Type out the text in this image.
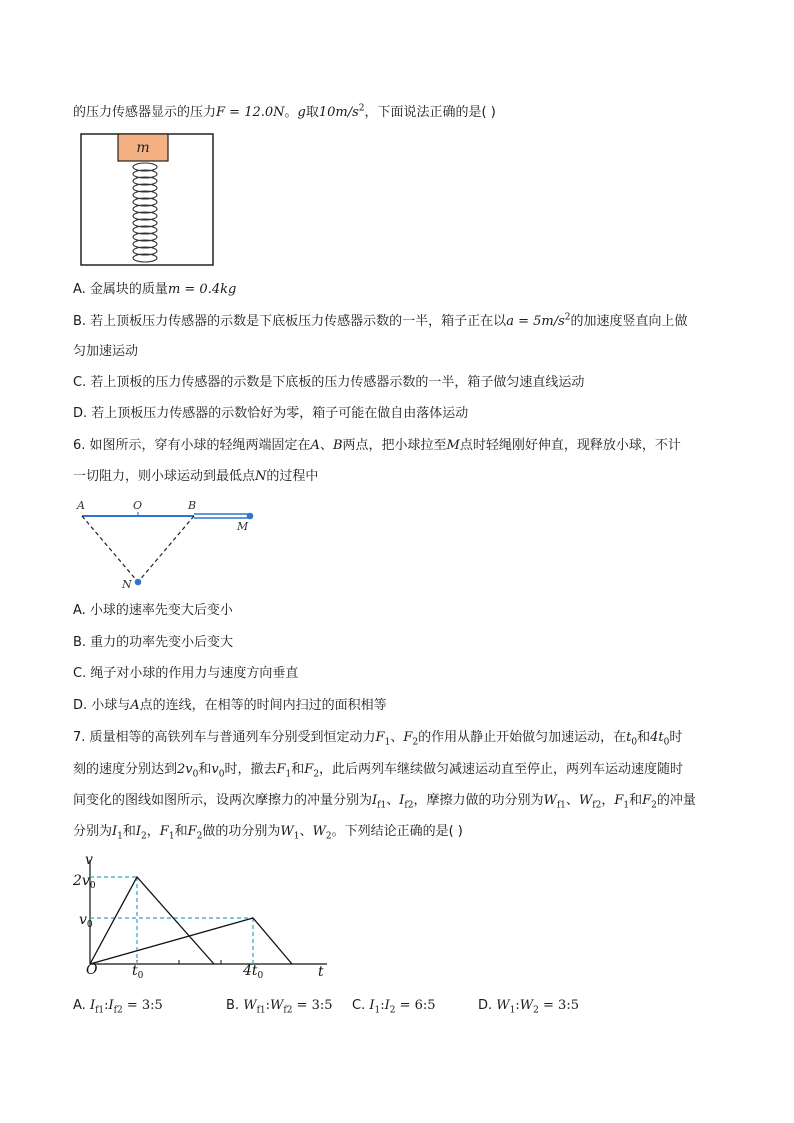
的压力传感器显示的压力F = 12.0N。g取$10m/s^2$，下面说法正确的是( )
m
A. 金属块的质量m = 0.4kg
B. 若上顶板压力传感器的示数是下底板压力传感器示数的一半，箱子正在以$a = 5m/s^2$的加速度竖直向上做
匀加速运动
C. 若上顶板的压力传感器的示数是下底板的压力传感器示数的一半，箱子做匀速直线运动
D. 若上顶板压力传感器的示数恰好为零，箱子可能在做自由落体运动
6. 如图所示，穿有小球的轻绳两端固定在A、B两点，把小球拉至M点时轻绳刚好伸直，现释放小球，不计
一切阻力，则小球运动到最低点N的过程中
A	O	B
M
N
A. 小球的速率先变大后变小
B. 重力的功率先变小后变大
C. 绳子对小球的作用力与速度方向垂直
D. 小球与A点的连线，在相等的时间内扫过的面积相等
7. 质量相等的高铁列车与普通列车分别受到恒定动力$F_1$、$F_2$的作用从静止开始做匀加速运动，在$t_0$和$4t_0$时
刻的速度分别达到$2v_0$和$v_0$时，撤去$F_1$和$F_2$，此后两列车继续做匀减速运动直至停止，两列车运动速度随时
间变化的图线如图所示，设两次摩擦力的冲量分别为$I_{f1}$、$I_{f2}$，摩擦力做的功分别为$W_{f1}$、$W_{f2}$，$F_1$和$F_2$的冲量
分别为$I_1$和$I_2$，$F_1$和$F_2$做的功分别为$W_1$、$W_2$。下列结论正确的是( )
v
t
O
$2v_0$
$v_0$
$t_0$	$4t_0$
A. $I_{f1}:I_{f2}$ = 3:5	B. $W_{f1}:W_{f2}$ = 3:5 C. $I_1:I_2$ = 6:5	D. $W_1:W_2$ = 3:5
